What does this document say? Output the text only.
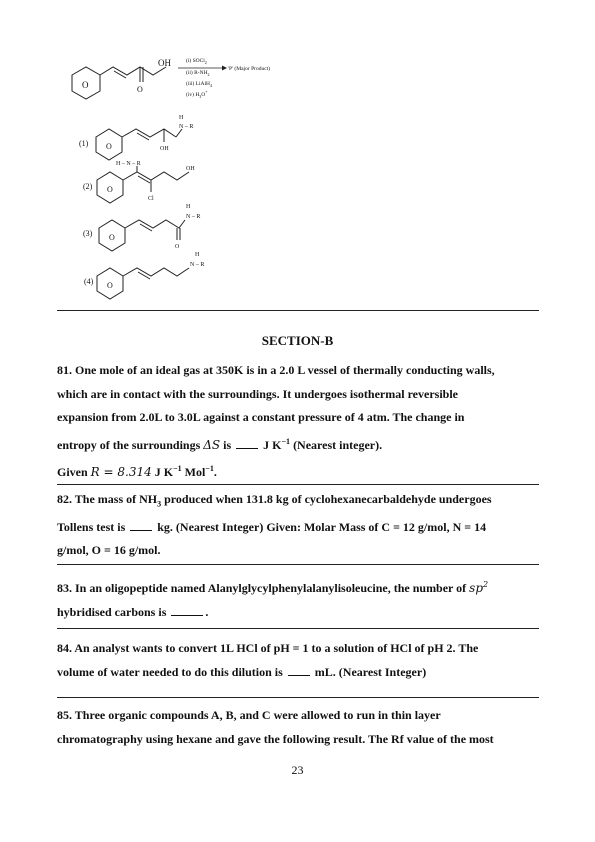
O	O
OH	(i) SOCl$_2$
(ii) $R-NH_2$
(iii) LiAlH$_4$
(iv) $H_3O^+$
'P' (Major Product)
(1) O	OH
H
N – R
(2)
H – N – R
O
Cl
OH
(3) O
O
H
N – R
(4) O
H
N – R
SECTION-B

81. One mole of an ideal gas at 350K is in a 2.0 L vessel of thermally conducting walls,

which are in contact with the surroundings. It undergoes isothermal reversible

expansion from 2.0L to 3.0L against a constant pressure of 4 atm. The change in

entropy of the surroundings ΔS is  J $K^{-1}$ (Nearest integer).

Given R = 8.314 J $K^{-1}$ Mol$^{-1}$.

82. The mass of $NH_3$ produced when 131.8 kg of cyclohexanecarbaldehyde undergoes

Tollens test is  kg. (Nearest Integer) Given: Molar Mass of C = 12 g/mol, N = 14

g/mol, O = 16 g/mol.

83. In an oligopeptide named Alanylglycylphenylalanylisoleucine, the number of $sp^2$

hybridised carbons is	.

84. An analyst wants to convert 1L HCl of pH = 1 to a solution of HCl of pH 2. The

volume of water needed to do this dilution is  mL. (Nearest Integer)

85. Three organic compounds A, B, and C were allowed to run in thin layer

chromatography using hexane and gave the following result. The Rf value of the most

23
